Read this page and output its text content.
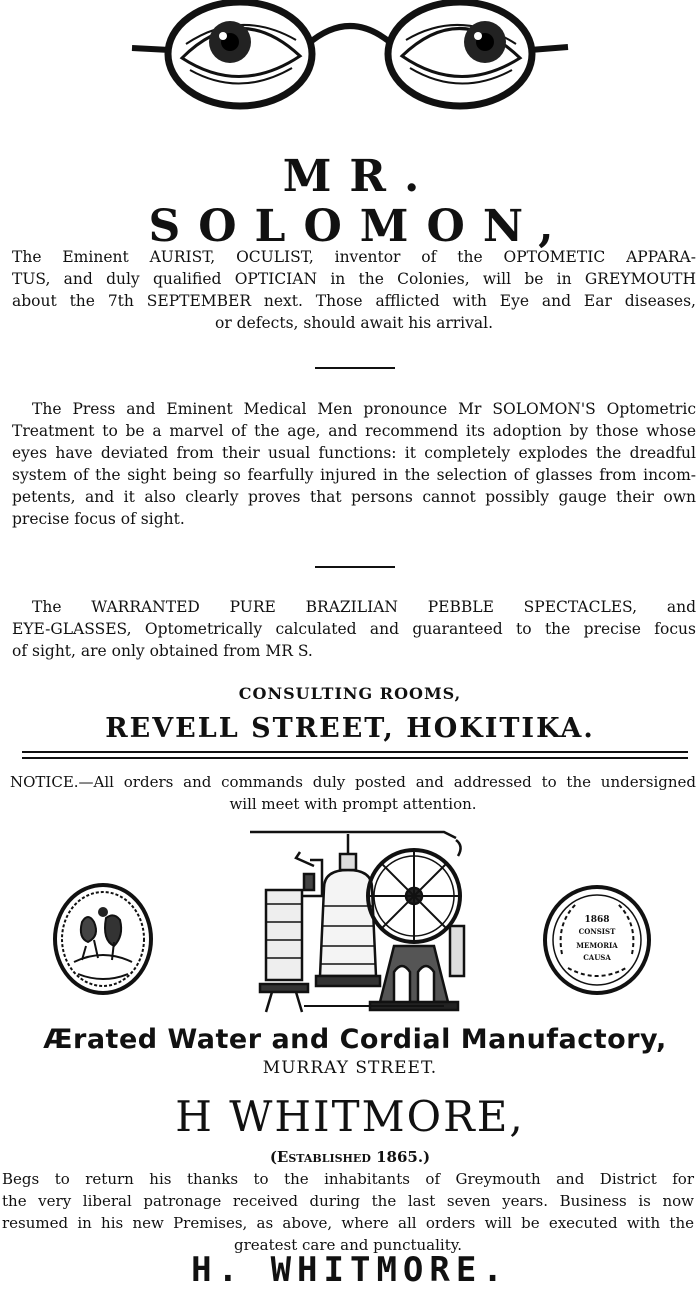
MR. SOLOMON,
The Eminent AURIST, OCULIST, inventor of the OPTOMETIC APPARA-
TUS, and duly qualified OPTICIAN in the Colonies, will be in GREYMOUTH
about the 7th SEPTEMBER next. Those afflicted with Eye and Ear diseases,
or defects, should await his arrival.
The Press and Eminent Medical Men pronounce Mr SOLOMON'S Optometric
Treatment to be a marvel of the age, and recommend its adoption by those whose
eyes have deviated from their usual functions: it completely explodes the dreadful
system of the sight being so fearfully injured in the selection of glasses from incom-
petents, and it also clearly proves that persons cannot possibly gauge their own
precise focus of sight.
The WARRANTED PURE BRAZILIAN PEBBLE SPECTACLES, and
EYE-GLASSES, Optometrically calculated and guaranteed to the precise focus
of sight, are only obtained from MR S.
CONSULTING ROOMS,
REVELL STREET, HOKITIKA.
NOTICE.—All orders and commands duly posted and addressed to the undersigned
will meet with prompt attention.
1868
CONSIST
MEMORIA
CAUSA
Ærated Water and Cordial Manufactory,
MURRAY STREET.
H WHITMORE,
(Established 1865.)
Begs to return his thanks to the inhabitants of Greymouth and District for
the very liberal patronage received during the last seven years. Business is now
resumed in his new Premises, as above, where all orders will be executed with the
greatest care and punctuality.
H. WHITMORE.
